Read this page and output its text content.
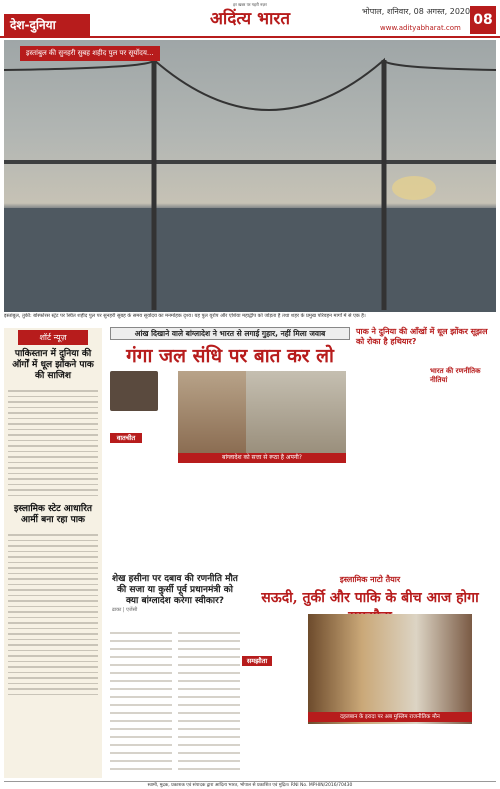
देश-दुनिया
हर खबर पर गहरी नज़र
अदिंत्य भारत	भोपाल, शनिवार, 08 अगस्त, 2020
www.adityabharat.com 08
इस्तांबुल की सुनहरी सुबह शहीद पुल पर सूर्योदय...
इस्तांबुल, तुर्की: बोस्फोरस स्ट्रेट पर स्थित शहीद पुल पर सुनहरी सुबह के समय सूर्योदय का मनमोहक दृश्य। यह पुल यूरोप और एशिया महाद्वीप को जोड़ता है तथा शहर के प्रमुख परिवहन मार्गों में से एक है।
शॉर्ट न्यूज़
पाकिस्तान में दुनिया की ऑर्गों में धूल झोंकने पाक की साजिश
इस्लामिक स्टेट आधारित आर्मी बना रहा पाक
आंख दिखाने वाले बांग्लादेश ने भारत से लगाई गुहार, नहीं मिला जवाब
गंगा जल संधि पर बात कर लो
बांग्लादेश को सत्ता से रूठा है अपनी?
वातचीत
पाक ने दुनिया की आँखों में धूल झोंकर सूझल को रोका है हथियार?
भारत की रणनीतिक नीतियां
शेख हसीना पर दबाव की रणनीति मौत की सजा या कुर्सी पूर्व प्रधानमंत्री को क्या बांग्लादेश करेगा स्वीकार?
ढाका | एजेंसी
इस्लामिक नाटो तैयार
सऊदी, तुर्की और पाकि के बीच आज होगा
समझौता
दहलबान के इरादा पर अब मुस्लिम राजनीतिक मौन
स्वामी, मुद्रक, प्रकाशक एवं संपादक द्वारा आदित्य भारत, भोपाल से प्रकाशित एवं मुद्रित। RNI No. MPHIN/2016/70430
